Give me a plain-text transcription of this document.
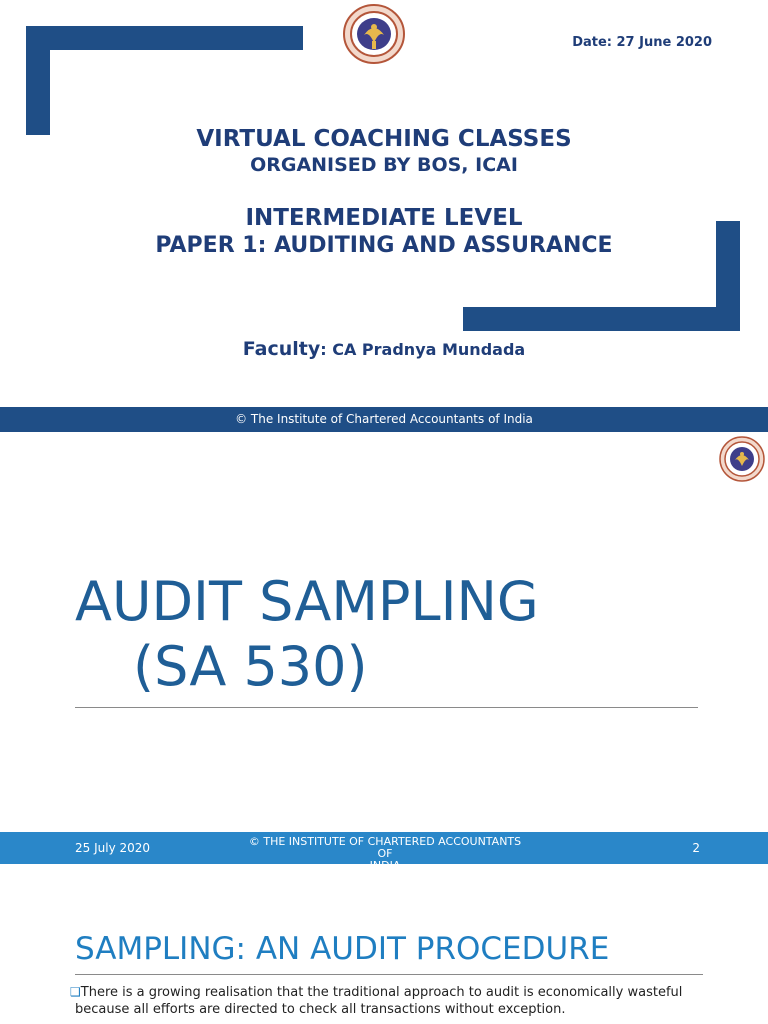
Date: 27 June 2020
VIRTUAL COACHING CLASSES
ORGANISED BY BOS, ICAI
INTERMEDIATE LEVEL
PAPER 1: AUDITING AND ASSURANCE
Faculty: CA Pradnya Mundada
© The Institute of Chartered Accountants of India
AUDIT SAMPLING
(SA 530)
25 July 2020	© THE INSTITUTE OF CHARTERED ACCOUNTANTS OF	2
SAMPLING: AN AUDIT PROCEDURE
❑There is a growing realisation that the traditional approach to audit is economically wasteful
because all efforts are directed to check all transactions without exception.
